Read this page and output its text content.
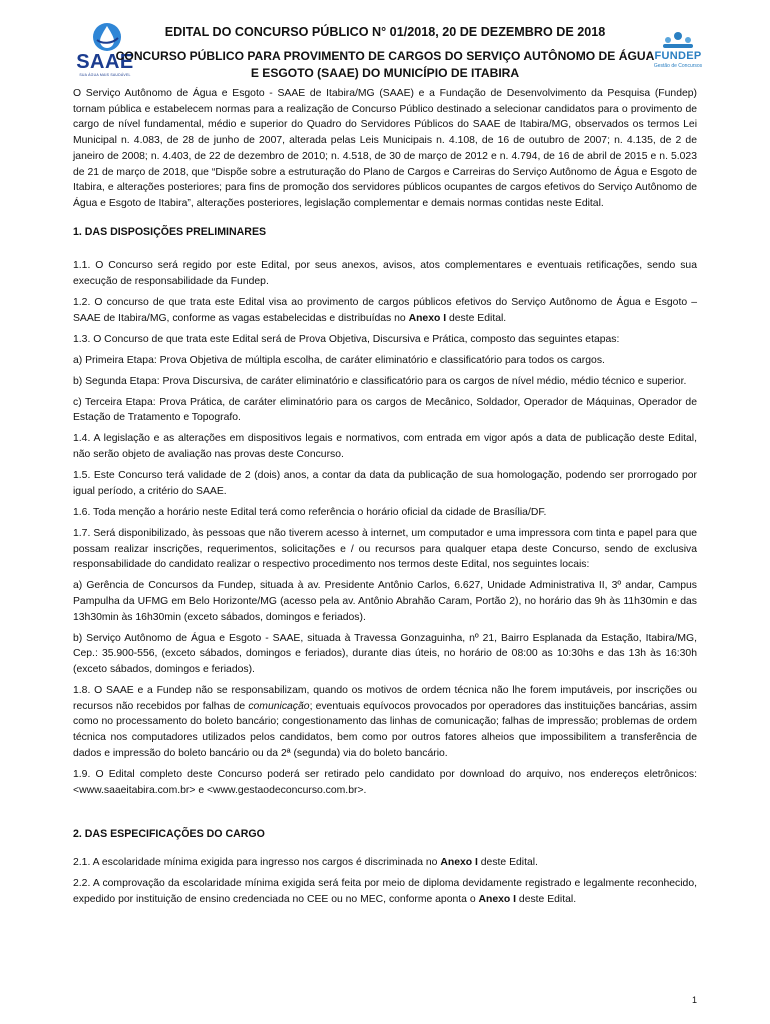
SAAE
SUA ÁGUA MAIS SAUDÁVEL
EDITAL DO CONCURSO PÚBLICO N° 01/2018, 20 DE DEZEMBRO DE 2018
CONCURSO PÚBLICO PARA PROVIMENTO DE CARGOS DO SERVIÇO AUTÔNOMO DE ÁGUA E ESGOTO (SAAE) DO MUNICÍPIO DE ITABIRA
FUNDEP
Gestão de Concursos

O Serviço Autônomo de Água e Esgoto - SAAE de Itabira/MG (SAAE) e a Fundação de Desenvolvimento da Pesquisa (Fundep) tornam pública e estabelecem normas para a realização de Concurso Público destinado a selecionar candidatos para o provimento de cargo de nível fundamental, médio e superior do Quadro do Servidores Públicos do SAAE de Itabira/MG, observados os termos Lei Municipal n. 4.083, de 28 de junho de 2007, alterada pelas Leis Municipais n. 4.108, de 16 de outubro de 2007; n. 4.135, de 2 de janeiro de 2008; n. 4.403, de 22 de dezembro de 2010; n. 4.518, de 30 de março de 2012 e n. 4.794, de 16 de abril de 2015 e n. 5.023 de 21 de março de 2018, que “Dispõe sobre a estruturação do Plano de Cargos e Carreiras do Serviço Autônomo de Água e Esgoto de Itabira, e alterações posteriores; para fins de promoção dos servidores públicos ocupantes de cargos efetivos do Serviço Autônomo de Água e Esgoto de Itabira”, alterações posteriores, legislação complementar e demais normas contidas neste Edital.

1. DAS DISPOSIÇÕES PRELIMINARES

1.1. O Concurso será regido por este Edital, por seus anexos, avisos, atos complementares e eventuais retificações, sendo sua execução de responsabilidade da Fundep.

1.2. O concurso de que trata este Edital visa ao provimento de cargos públicos efetivos do Serviço Autônomo de Água e Esgoto – SAAE de Itabira/MG, conforme as vagas estabelecidas e distribuídas no Anexo I deste Edital.

1.3. O Concurso de que trata este Edital será de Prova Objetiva, Discursiva e Prática, composto das seguintes etapas:

a) Primeira Etapa: Prova Objetiva de múltipla escolha, de caráter eliminatório e classificatório para todos os cargos.

b) Segunda Etapa: Prova Discursiva, de caráter eliminatório e classificatório para os cargos de nível médio, médio técnico e superior.

c) Terceira Etapa: Prova Prática, de caráter eliminatório para os cargos de Mecânico, Soldador, Operador de Máquinas, Operador de Estação de Tratamento e Topografo.

1.4. A legislação e as alterações em dispositivos legais e normativos, com entrada em vigor após a data de publicação deste Edital, não serão objeto de avaliação nas provas deste Concurso.

1.5. Este Concurso terá validade de 2 (dois) anos, a contar da data da publicação de sua homologação, podendo ser prorrogado por igual período, a critério do SAAE.

1.6. Toda menção a horário neste Edital terá como referência o horário oficial da cidade de Brasília/DF.

1.7. Será disponibilizado, às pessoas que não tiverem acesso à internet, um computador e uma impressora com tinta e papel para que possam realizar inscrições, requerimentos, solicitações e / ou recursos para qualquer etapa deste Concurso, sendo de exclusiva responsabilidade do candidato realizar o respectivo procedimento nos termos deste Edital, nos seguintes locais:

a) Gerência de Concursos da Fundep, situada à av. Presidente Antônio Carlos, 6.627, Unidade Administrativa II, 3º andar, Campus Pampulha da UFMG em Belo Horizonte/MG (acesso pela av. Antônio Abrahão Caram, Portão 2), no horário das 9h às 11h30min e das 13h30min às 16h30min (exceto sábados, domingos e feriados).

b) Serviço Autônomo de Água e Esgoto - SAAE, situada à Travessa Gonzaguinha, nº 21, Bairro Esplanada da Estação, Itabira/MG, Cep.: 35.900-556, (exceto sábados, domingos e feriados), durante dias úteis, no horário de 08:00 as 10:30hs e das 13h às 16:30h (exceto sábados, domingos e feriados).

1.8. O SAAE e a Fundep não se responsabilizam, quando os motivos de ordem técnica não lhe forem imputáveis, por inscrições ou recursos não recebidos por falhas de comunicação; eventuais equívocos provocados por operadores das instituições bancárias, assim como no processamento do boleto bancário; congestionamento das linhas de comunicação; falhas de impressão; problemas de ordem técnica nos computadores utilizados pelos candidatos, bem como por outros fatores alheios que impossibilitem a transferência de dados e impressão do boleto bancário ou da 2ª (segunda) via do boleto bancário.

1.9. O Edital completo deste Concurso poderá ser retirado pelo candidato por download do arquivo, nos endereços eletrônicos: <www.saaeitabira.com.br> e <www.gestaodeconcurso.com.br>.

2. DAS ESPECIFICAÇÕES DO CARGO

2.1. A escolaridade mínima exigida para ingresso nos cargos é discriminada no Anexo I deste Edital.

2.2. A comprovação da escolaridade mínima exigida será feita por meio de diploma devidamente registrado e legalmente reconhecido, expedido por instituição de ensino credenciada no CEE ou no MEC, conforme aponta o Anexo I deste Edital.

1
